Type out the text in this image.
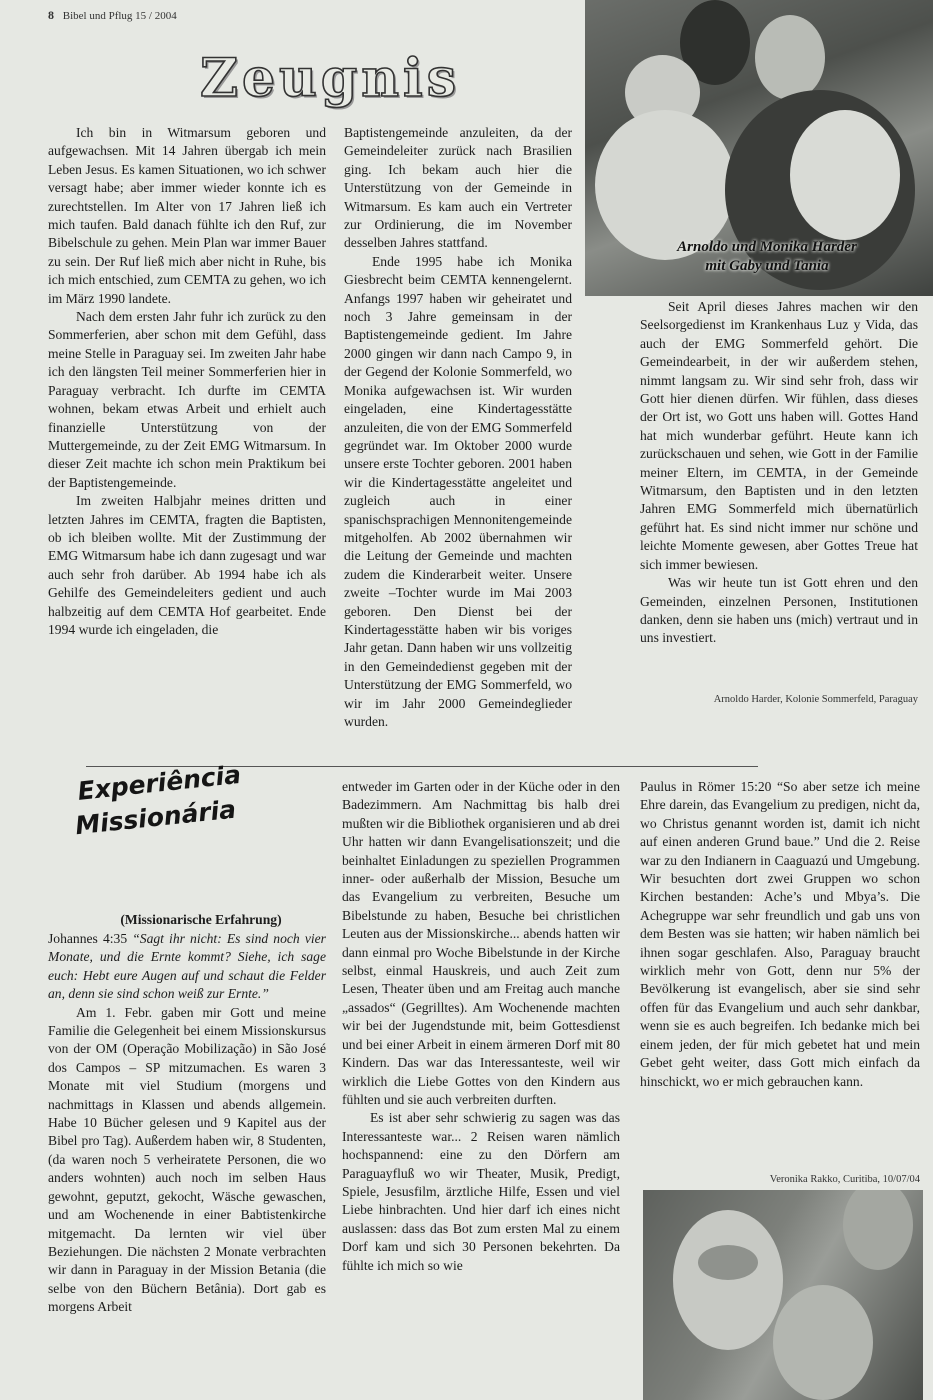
8 Bibel und Pflug 15 / 2004
Zeugnis

Ich bin in Witmarsum geboren und aufgewachsen. Mit 14 Jahren übergab ich mein Leben Jesus. Es kamen Situationen, wo ich schwer versagt habe; aber immer wieder konnte ich es zurechtstellen. Im Alter von 17 Jahren ließ ich mich taufen. Bald danach fühlte ich den Ruf, zur Bibelschule zu gehen. Mein Plan war immer Bauer zu sein. Der Ruf ließ mich aber nicht in Ruhe, bis ich mich entschied, zum CEMTA zu gehen, wo ich im März 1990 landete.

Nach dem ersten Jahr fuhr ich zurück zu den Sommerferien, aber schon mit dem Gefühl, dass meine Stelle in Paraguay sei. Im zweiten Jahr habe ich den längsten Teil meiner Sommerferien hier in Paraguay verbracht. Ich durfte im CEMTA wohnen, bekam etwas Arbeit und erhielt auch finanzielle Unterstützung von der Muttergemeinde, zu der Zeit EMG Witmarsum. In dieser Zeit machte ich schon mein Praktikum bei der Baptistengemeinde.

Im zweiten Halbjahr meines dritten und letzten Jahres im CEMTA, fragten die Baptisten, ob ich bleiben wollte. Mit der Zustimmung der EMG Witmarsum habe ich dann zugesagt und war auch sehr froh darüber. Ab 1994 habe ich als Gehilfe des Gemeindeleiters gedient und auch halbzeitig auf dem CEMTA Hof gearbeitet. Ende 1994 wurde ich eingeladen, die

Baptistengemeinde anzuleiten, da der Gemeindeleiter zurück nach Brasilien ging. Ich bekam auch hier die Unterstützung von der Gemeinde in Witmarsum. Es kam auch ein Vertreter zur Ordinierung, die im November desselben Jahres stattfand.

Ende 1995 habe ich Monika Giesbrecht beim CEMTA kennengelernt. Anfangs 1997 haben wir geheiratet und noch 3 Jahre gemeinsam in der Baptistengemeinde gedient. Im Jahre 2000 gingen wir dann nach Campo 9, in der Gegend der Kolonie Sommerfeld, wo Monika aufgewachsen ist. Wir wurden eingeladen, eine Kindertagesstätte anzuleiten, die von der EMG Sommerfeld gegründet war. Im Oktober 2000 wurde unsere erste Tochter geboren. 2001 haben wir die Kindertagesstätte angeleitet und zugleich auch in einer spanischsprachigen Mennonitengemeinde mitgeholfen. Ab 2002 übernahmen wir die Leitung der Gemeinde und machten zudem die Kinderarbeit weiter. Unsere zweite –Tochter wurde im Mai 2003 geboren. Den Dienst bei der Kindertagesstätte haben wir bis voriges Jahr getan. Dann haben wir uns vollzeitig in den Gemeindedienst gegeben mit der Unterstützung der EMG Sommerfeld, wo wir im Jahr 2000 Gemeindeglieder wurden.

Arnoldo und Monika Harder
mit Gaby und Tania

Seit April dieses Jahres machen wir den Seelsorgedienst im Krankenhaus Luz y Vida, das auch der EMG Sommerfeld gehört. Die Gemeindearbeit, in der wir außerdem stehen, nimmt langsam zu. Wir sind sehr froh, dass wir Gott hier dienen dürfen. Wir fühlen, dass dieses der Ort ist, wo Gott uns haben will. Gottes Hand hat mich wunderbar geführt. Heute kann ich zurückschauen und sehen, wie Gott in der Familie meiner Eltern, im CEMTA, in der Gemeinde Witmarsum, den Baptisten und in den letzten Jahren EMG Sommerfeld mich übernatürlich geführt hat. Es sind nicht immer nur schöne und leichte Momente gewesen, aber Gottes Treue hat sich immer bewiesen.

Was wir heute tun ist Gott ehren und den Gemeinden, einzelnen Personen, Institutionen danken, denn sie haben uns (mich) vertraut und in uns investiert.

Arnoldo Harder, Kolonie Sommerfeld, Paraguay
Experiência
Missionária
(Missionarische Erfahrung)

Johannes 4:35 “Sagt ihr nicht: Es sind noch vier Monate, und die Ernte kommt? Siehe, ich sage euch: Hebt eure Augen auf und schaut die Felder an, denn sie sind schon weiß zur Ernte.”

Am 1. Febr. gaben mir Gott und meine Familie die Gelegenheit bei einem Missionskursus von der OM (Operação Mobilização) in São José dos Campos – SP mitzumachen. Es waren 3 Monate mit viel Studium (morgens und nachmittags in Klassen und abends allgemein. Habe 10 Bücher gelesen und 9 Kapitel aus der Bibel pro Tag). Außerdem haben wir, 8 Studenten, (da waren noch 5 verheiratete Personen, die wo anders wohnten) auch noch im selben Haus gewohnt, geputzt, gekocht, Wäsche gewaschen, und am Wochenende in einer Babtistenkirche mitgemacht. Da lernten wir viel über Beziehungen. Die nächsten 2 Monate verbrachten wir dann in Paraguay in der Mission Betania (die selbe von den Büchern Betânia). Dort gab es morgens Arbeit

entweder im Garten oder in der Küche oder in den Badezimmern. Am Nachmittag bis halb drei mußten wir die Bibliothek organisieren und ab drei Uhr hatten wir dann Evangelisationszeit; und die beinhaltet Einladungen zu speziellen Programmen inner- oder außerhalb der Mission, Besuche um das Evangelium zu verbreiten, Besuche um Bibelstunde zu haben, Besuche bei christlichen Leuten aus der Missionskirche... abends hatten wir dann einmal pro Woche Bibelstunde in der Kirche selbst, einmal Hauskreis, und auch Zeit zum Lesen, Theater üben und am Freitag auch manche „assados“ (Gegrilltes). Am Wochenende machten wir bei der Jugendstunde mit, beim Gottesdienst und bei einer Arbeit in einem ärmeren Dorf mit 80 Kindern. Das war das Interessanteste, weil wir wirklich die Liebe Gottes von den Kindern aus fühlten und sie auch verbreiten durften.

Es ist aber sehr schwierig zu sagen was das Interessanteste war... 2 Reisen waren nämlich hochspannend: eine zu den Dörfern am Paraguayfluß wo wir Theater, Musik, Predigt, Spiele, Jesusfilm, ärztliche Hilfe, Essen und viel Liebe hinbrachten. Und hier darf ich eines nicht auslassen: dass das Bot zum ersten Mal zu einem Dorf kam und sich 30 Personen bekehrten. Da fühlte ich mich so wie

Paulus in Römer 15:20 “So aber setze ich meine Ehre darein, das Evangelium zu predigen, nicht da, wo Christus genannt worden ist, damit ich nicht auf einen anderen Grund baue.” Und die 2. Reise war zu den Indianern in Caaguazú und Umgebung. Wir besuchten dort zwei Gruppen wo schon Kirchen bestanden: Ache’s und Mbya’s. Die Achegruppe war sehr freundlich und gab uns von dem Besten was sie hatten; wir haben nämlich bei ihnen sogar geschlafen. Also, Paraguay braucht wirklich mehr von Gott, denn nur 5% der Bevölkerung ist evangelisch, aber sie sind sehr offen für das Evangelium und auch sehr dankbar, wenn sie es auch begreifen. Ich bedanke mich bei einem jeden, der für mich gebetet hat und mein Gebet geht weiter, dass Gott mich einfach da hinschickt, wo er mich gebrauchen kann.

Veronika Rakko, Curitiba, 10/07/04
